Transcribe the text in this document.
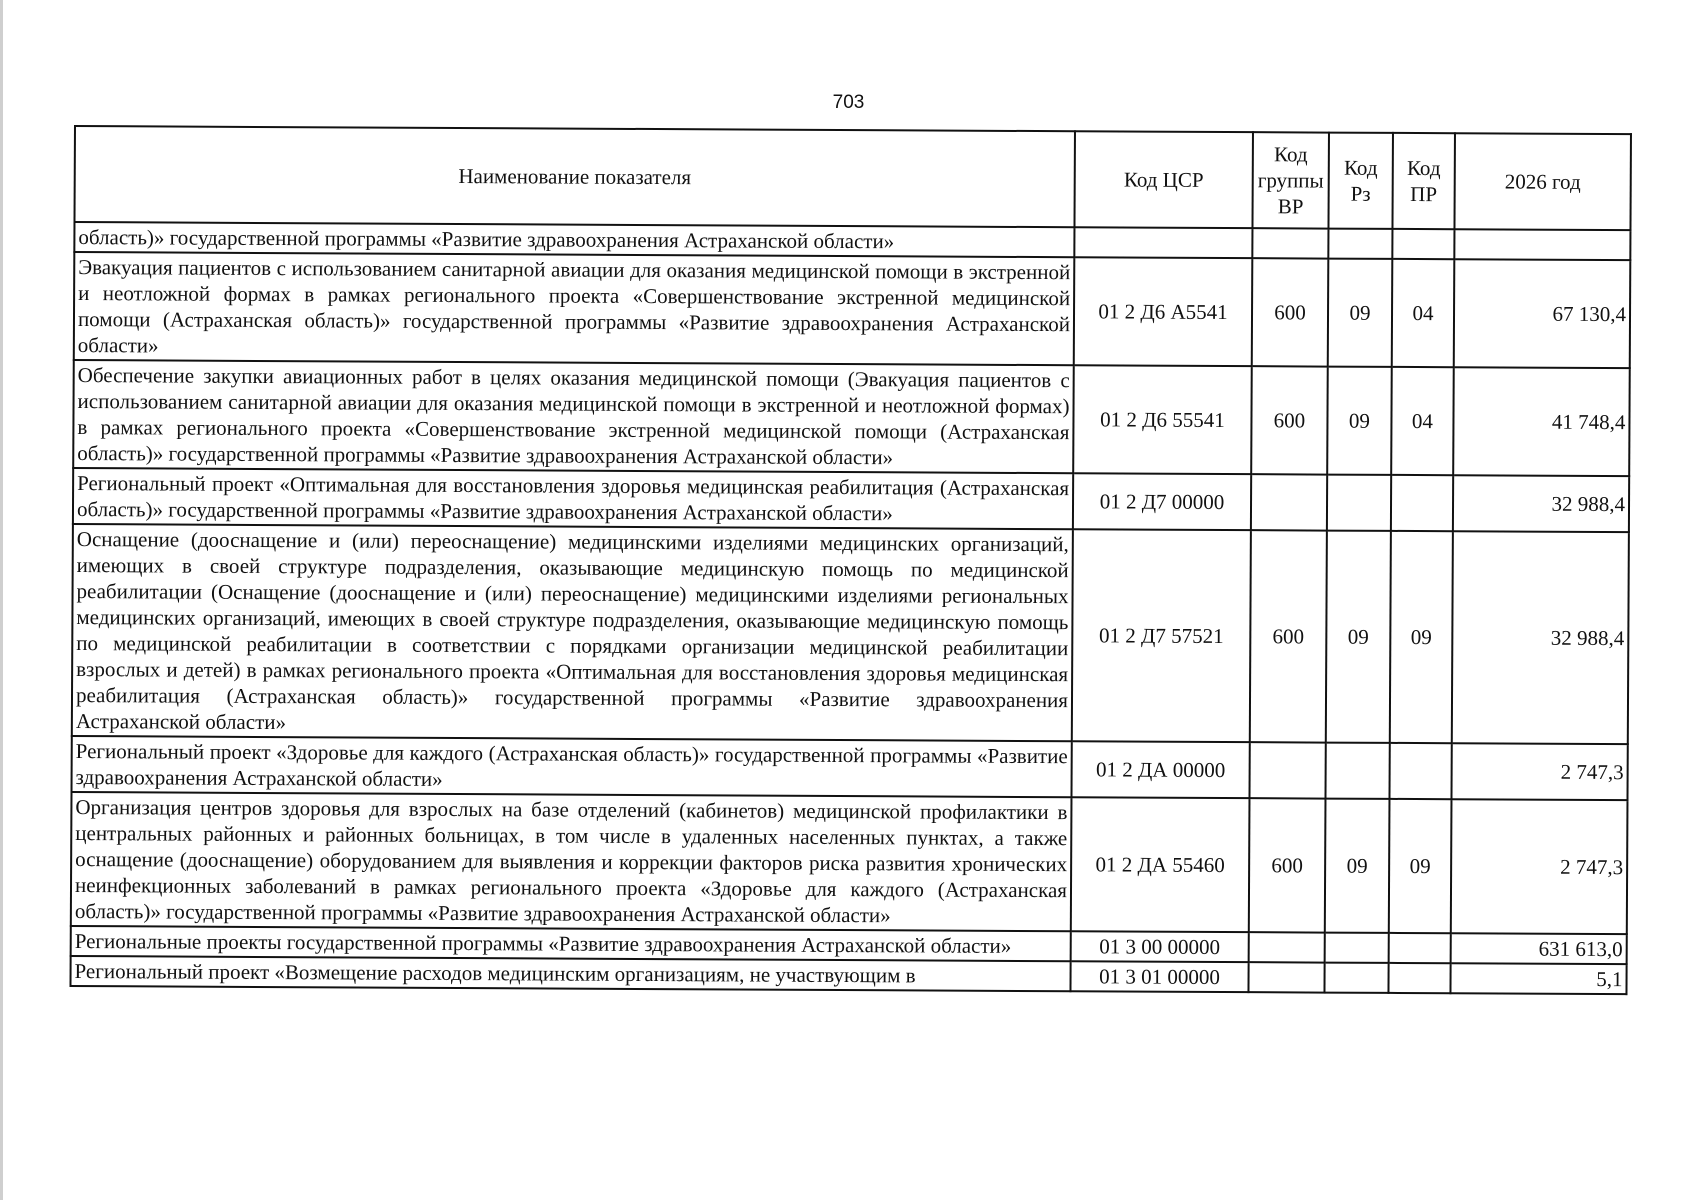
703
Наименование показателя	Код ЦСР	Код группы ВР	Код Рз	Код ПР	2026 год
область)» государственной программы «Развитие здравоохранения Астраханской области»					
Эвакуация пациентов с использованием санитарной авиации для оказания медицинской помощи в экстренной и неотложной формах в рамках регионального проекта «Совершенствование экстренной медицинской помощи (Астраханская область)» государственной программы «Развитие здравоохранения Астраханской области»	01 2 Д6 А5541	600	09	04	67 130,4
Обеспечение закупки авиационных работ в целях оказания медицинской помощи (Эвакуация пациентов с использованием санитарной авиации для оказания медицинской помощи в экстренной и неотложной формах) в рамках регионального проекта «Совершенствование экстренной медицинской помощи (Астраханская область)» государственной программы «Развитие здравоохранения Астраханской области»	01 2 Д6 55541	600	09	04	41 748,4
Региональный проект «Оптимальная для восстановления здоровья медицинская реабилитация (Астраханская область)» государственной программы «Развитие здравоохранения Астраханской области»	01 2 Д7 00000				32 988,4
Оснащение (дооснащение и (или) переоснащение) медицинскими изделиями медицинских организаций, имеющих в своей структуре подразделения, оказывающие медицинскую помощь по медицинской реабилитации (Оснащение (дооснащение и (или) переоснащение) медицинскими изделиями региональных медицинских организаций, имеющих в своей структуре подразделения, оказывающие медицинскую помощь по медицинской реабилитации в соответствии с порядками организации медицинской реабилитации взрослых и детей) в рамках регионального проекта «Оптимальная для восстановления здоровья медицинская реабилитация (Астраханская область)» государственной программы «Развитие здравоохранения Астраханской области»	01 2 Д7 57521	600	09	09	32 988,4
Региональный проект «Здоровье для каждого (Астраханская область)» государственной программы «Развитие здравоохранения Астраханской области»	01 2 ДА 00000				2 747,3
Организация центров здоровья для взрослых на базе отделений (кабинетов) медицинской профилактики в центральных районных и районных больницах, в том числе в удаленных населенных пунктах, а также оснащение (дооснащение) оборудованием для выявления и коррекции факторов риска развития хронических неинфекционных заболеваний в рамках регионального проекта «Здоровье для каждого (Астраханская область)» государственной программы «Развитие здравоохранения Астраханской области»	01 2 ДА 55460	600	09	09	2 747,3
Региональные проекты государственной программы «Развитие здравоохранения Астраханской области»	01 3 00 00000				631 613,0
Региональный проект «Возмещение расходов медицинским организациям, не участвующим в	01 3 01 00000				5,1
